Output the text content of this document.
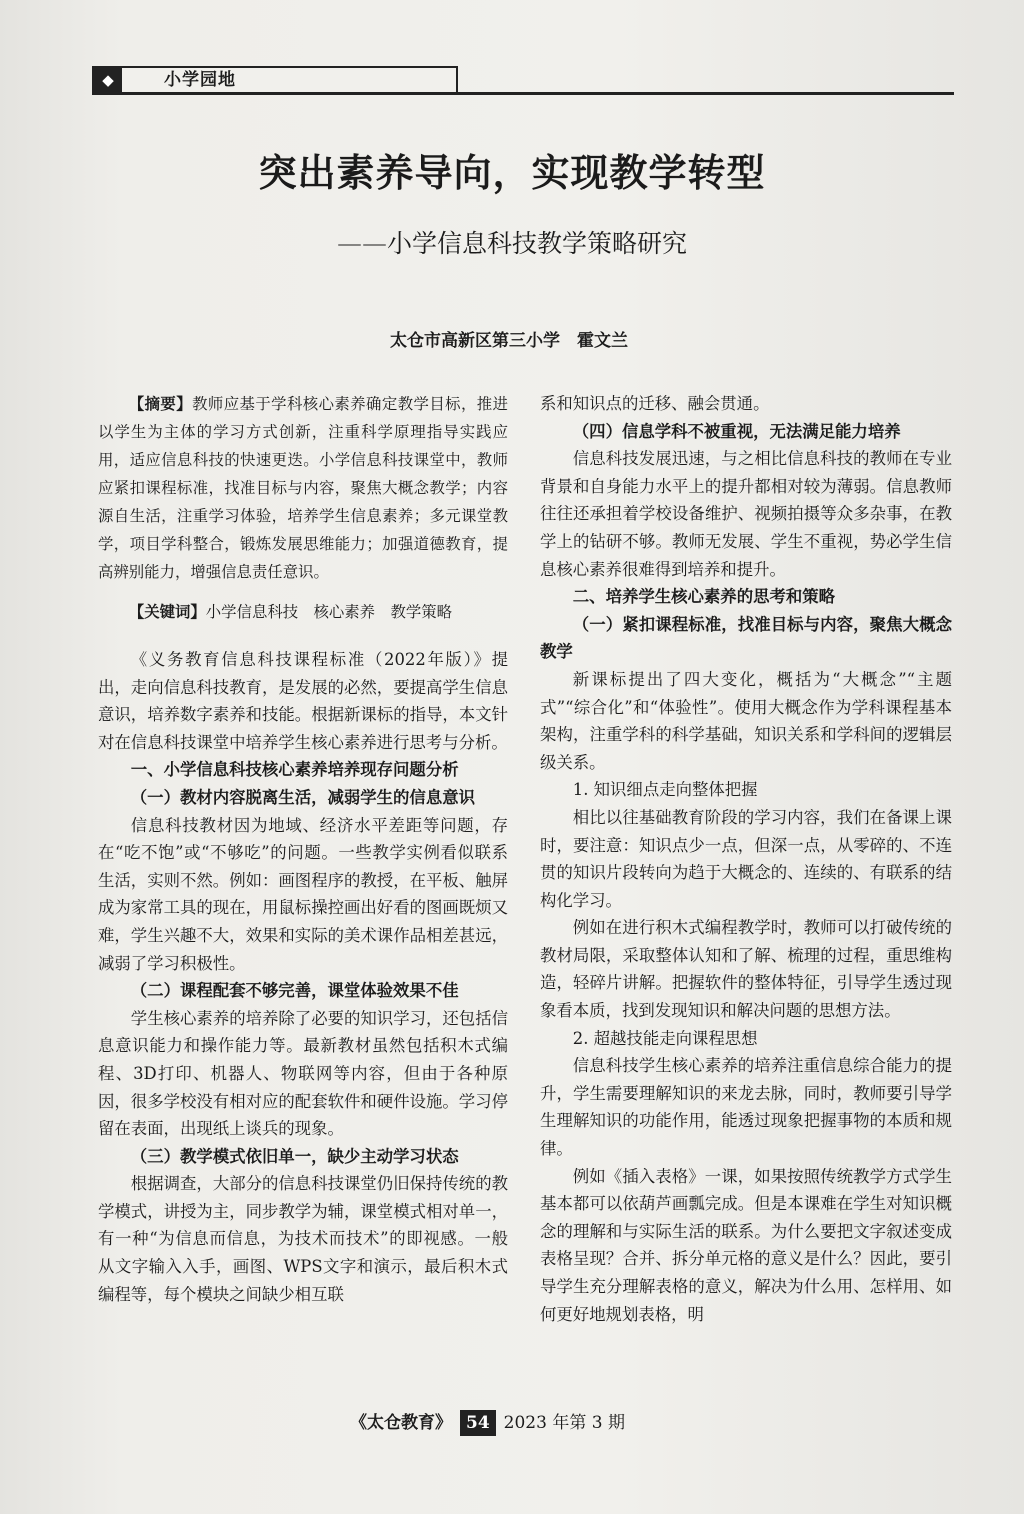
◆	小学园地
突出素养导向，实现教学转型
——小学信息科技教学策略研究
太仓市高新区第三小学　霍文兰

【摘要】教师应基于学科核心素养确定教学目标，推进以学生为主体的学习方式创新，注重科学原理指导实践应用，适应信息科技的快速更迭。小学信息科技课堂中，教师应紧扣课程标准，找准目标与内容，聚焦大概念教学；内容源自生活，注重学习体验，培养学生信息素养；多元课堂教学，项目学科整合，锻炼发展思维能力；加强道德教育，提高辨别能力，增强信息责任意识。

【关键词】小学信息科技　核心素养　教学策略

《义务教育信息科技课程标准（2022年版）》提出，走向信息科技教育，是发展的必然，要提高学生信息意识，培养数字素养和技能。根据新课标的指导，本文针对在信息科技课堂中培养学生核心素养进行思考与分析。

一、小学信息科技核心素养培养现存问题分析

（一）教材内容脱离生活，减弱学生的信息意识

信息科技教材因为地域、经济水平差距等问题，存在“吃不饱”或“不够吃”的问题。一些教学实例看似联系生活，实则不然。例如：画图程序的教授，在平板、触屏成为家常工具的现在，用鼠标操控画出好看的图画既烦又难，学生兴趣不大，效果和实际的美术课作品相差甚远，减弱了学习积极性。

（二）课程配套不够完善，课堂体验效果不佳

学生核心素养的培养除了必要的知识学习，还包括信息意识能力和操作能力等。最新教材虽然包括积木式编程、3D打印、机器人、物联网等内容，但由于各种原因，很多学校没有相对应的配套软件和硬件设施。学习停留在表面，出现纸上谈兵的现象。

（三）教学模式依旧单一，缺少主动学习状态

根据调查，大部分的信息科技课堂仍旧保持传统的教学模式，讲授为主，同步教学为辅，课堂模式相对单一，有一种“为信息而信息，为技术而技术”的即视感。一般从文字输入入手，画图、WPS文字和演示，最后积木式编程等，每个模块之间缺少相互联

系和知识点的迁移、融会贯通。

（四）信息学科不被重视，无法满足能力培养

信息科技发展迅速，与之相比信息科技的教师在专业背景和自身能力水平上的提升都相对较为薄弱。信息教师往往还承担着学校设备维护、视频拍摄等众多杂事，在教学上的钻研不够。教师无发展、学生不重视，势必学生信息核心素养很难得到培养和提升。

二、培养学生核心素养的思考和策略

（一）紧扣课程标准，找准目标与内容，聚焦大概念教学

新课标提出了四大变化，概括为“大概念”“主题式”“综合化”和“体验性”。使用大概念作为学科课程基本架构，注重学科的科学基础，知识关系和学科间的逻辑层级关系。

1. 知识细点走向整体把握

相比以往基础教育阶段的学习内容，我们在备课上课时，要注意：知识点少一点，但深一点，从零碎的、不连贯的知识片段转向为趋于大概念的、连续的、有联系的结构化学习。

例如在进行积木式编程教学时，教师可以打破传统的教材局限，采取整体认知和了解、梳理的过程，重思维构造，轻碎片讲解。把握软件的整体特征，引导学生透过现象看本质，找到发现知识和解决问题的思想方法。

2. 超越技能走向课程思想

信息科技学生核心素养的培养注重信息综合能力的提升，学生需要理解知识的来龙去脉，同时，教师要引导学生理解知识的功能作用，能透过现象把握事物的本质和规律。

例如《插入表格》一课，如果按照传统教学方式学生基本都可以依葫芦画瓢完成。但是本课难在学生对知识概念的理解和与实际生活的联系。为什么要把文字叙述变成表格呈现？合并、拆分单元格的意义是什么？因此，要引导学生充分理解表格的意义，解决为什么用、怎样用、如何更好地规划表格，明

《太仓教育》 54 2023 年第 3 期
